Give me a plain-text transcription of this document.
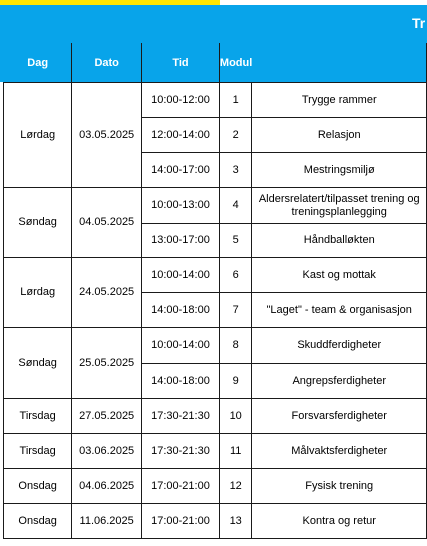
Tr
Dag	Dato	Tid	Modul	
Lørdag	03.05.2025	10:00-12:00	1	Trygge rammer
		12:00-14:00	2	Relasjon
		14:00-17:00	3	Mestringsmiljø
Søndag	04.05.2025	10:00-13:00	4	Aldersrelatert/tilpasset trening og treningsplanlegging
		13:00-17:00	5	Håndballøkten
Lørdag	24.05.2025	10:00-14:00	6	Kast og mottak
		14:00-18:00	7	"Laget" - team & organisasjon
Søndag	25.05.2025	10:00-14:00	8	Skuddferdigheter
		14:00-18:00	9	Angrepsferdigheter
Tirsdag	27.05.2025	17:30-21:30	10	Forsvarsferdigheter
Tirsdag	03.06.2025	17:30-21:30	11	Målvaktsferdigheter
Onsdag	04.06.2025	17:00-21:00	12	Fysisk trening
Onsdag	11.06.2025	17:00-21:00	13	Kontra og retur
